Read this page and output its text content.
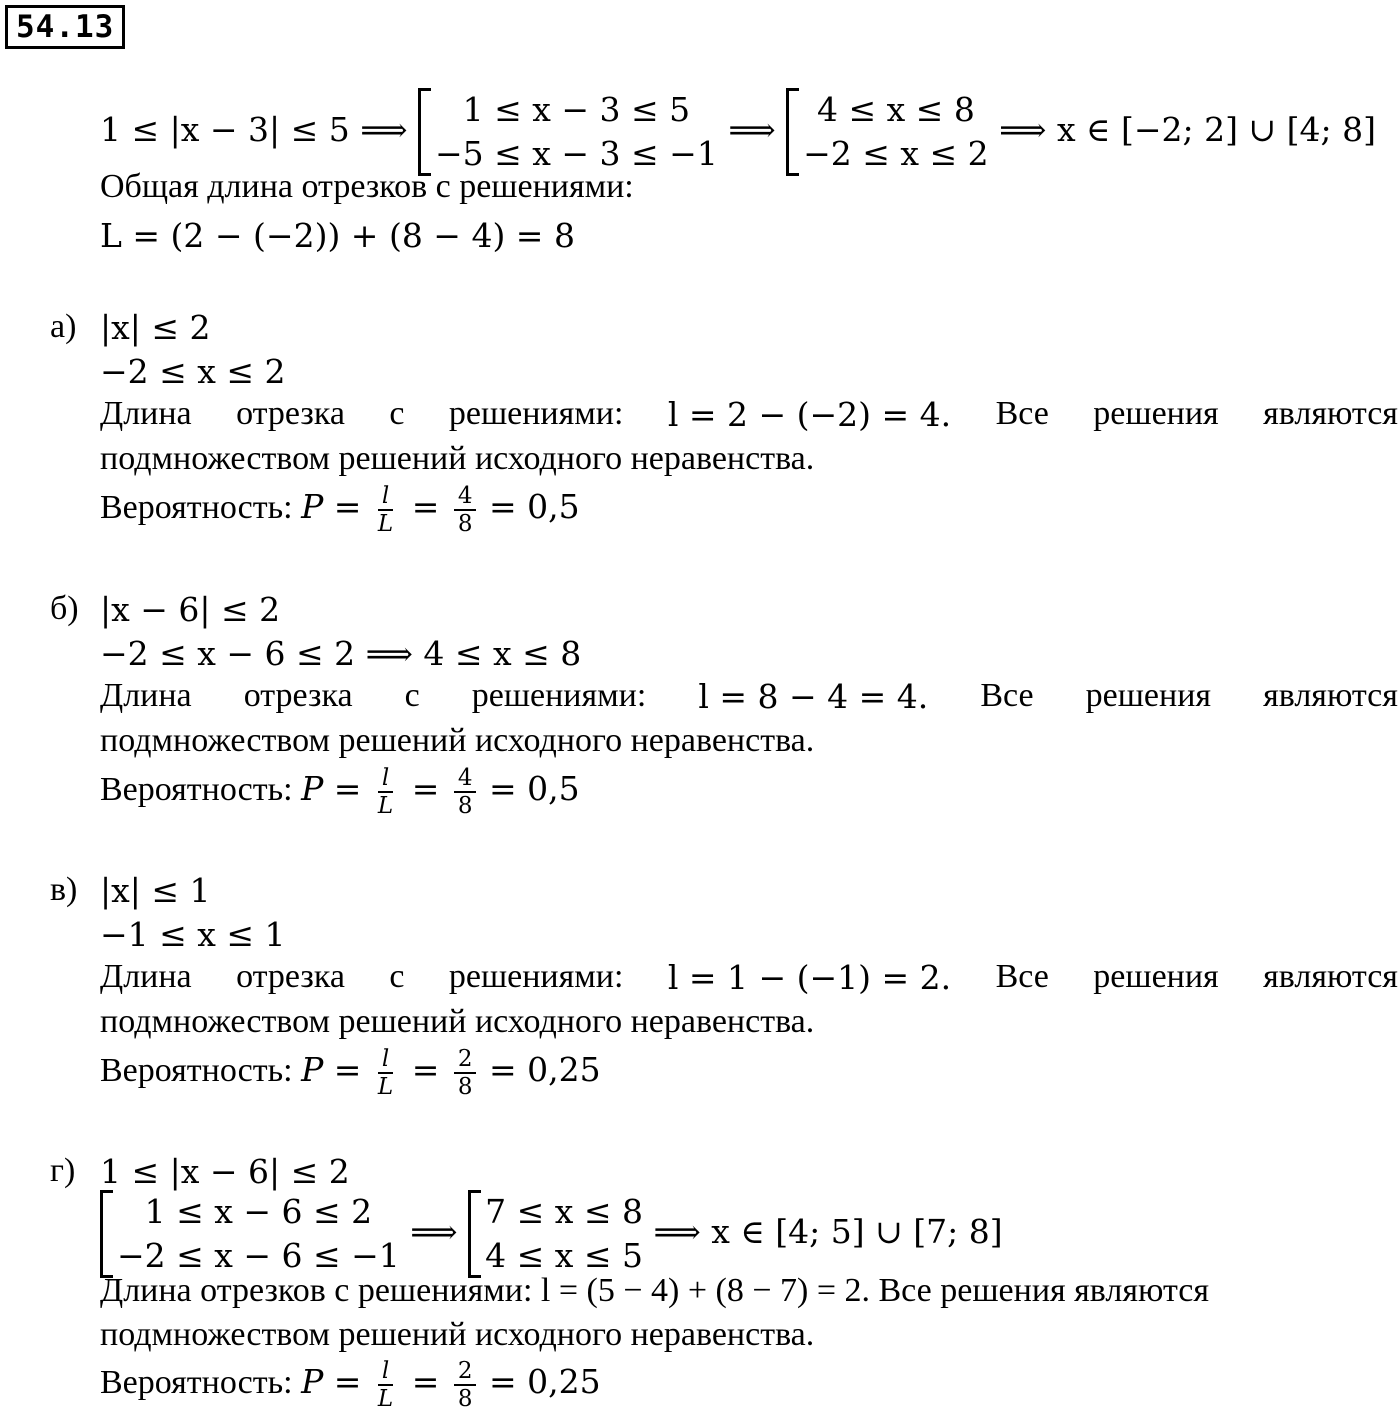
54.13
1 ≤ |x − 3| ≤ 5 ⟹
1 ≤ x − 3 ≤ 5
−5 ≤ x − 3 ≤ −1
⟹
4 ≤ x ≤ 8
−2 ≤ x ≤ 2
⟹ x ∈ [−2; 2] ∪ [4; 8]
Общая длина отрезков с решениями:
L = (2 − (−2)) + (8 − 4) = 8
а) |x| ≤ 2
−2 ≤ x ≤ 2
Длина отрезка с решениями: l = 2 − (−2) = 4. Все решения являются
подмножеством решений исходного неравенства.
Вероятность: $P = \frac{l}{L} = \frac{4}{8} = 0,5$
б) |x − 6| ≤ 2
−2 ≤ x − 6 ≤ 2 ⟹ 4 ≤ x ≤ 8
Длина отрезка с решениями: l = 8 − 4 = 4. Все решения являются
подмножеством решений исходного неравенства.
Вероятность: $P = \frac{l}{L} = \frac{4}{8} = 0,5$
в) |x| ≤ 1
−1 ≤ x ≤ 1
Длина отрезка с решениями: l = 1 − (−1) = 2. Все решения являются
подмножеством решений исходного неравенства.
Вероятность: $P = \frac{l}{L} = \frac{2}{8} = 0,25$
г) 1 ≤ |x − 6| ≤ 2
1 ≤ x − 6 ≤ 2
−2 ≤ x − 6 ≤ −1
⟹
7 ≤ x ≤ 8
4 ≤ x ≤ 5
⟹ x ∈ [4; 5] ∪ [7; 8]
Длина отрезков с решениями: l = (5 − 4) + (8 − 7) = 2. Все решения являются
подмножеством решений исходного неравенства.
Вероятность: $P = \frac{l}{L} = \frac{2}{8} = 0,25$
